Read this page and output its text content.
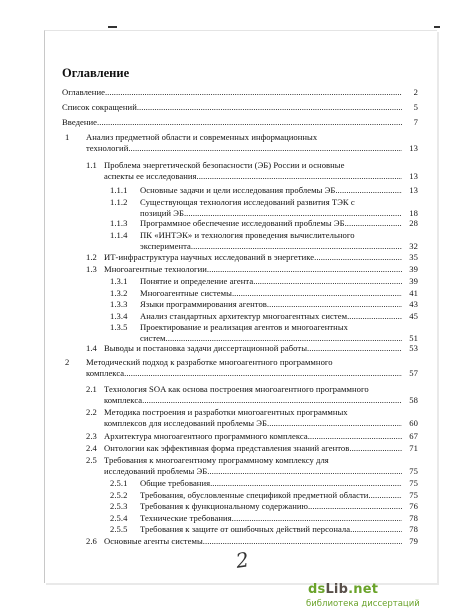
Оглавление
Оглавление .....	2
Список сокращений .....	5
Введение .....	7
1 Анализ предметной области и современных информационных
технологий .....	13
1.1 Проблема энергетической безопасности (ЭБ) России и основные
аспекты ее исследования .....	13
1.1.1 Основные задачи и цели исследования проблемы ЭБ .....	13
1.1.2 Существующая технология исследований развития ТЭК с
позиций ЭБ .....	18
1.1.3 Программное обеспечение исследований проблемы ЭБ .....	28
1.1.4 ПК «ИНТЭК» и технология проведения вычислительного
эксперимента .....	32
1.2 ИТ-инфраструктура научных исследований в энергетике .....	35
1.3 Многоагентные технологии .....	39
1.3.1 Понятие и определение агента .....	39
1.3.2 Многоагентные системы .....	41
1.3.3 Языки программирования агентов .....	43
1.3.4 Анализ стандартных архитектур многоагентных систем .....	45
1.3.5 Проектирование и реализация агентов и многоагентных
систем .....	51
1.4 Выводы и постановка задачи диссертационной работы .....	53
2 Методический подход к разработке многоагентного программного
комплекса .....	57
2.1 Технология SOA как основа построения многоагентного программного
комплекса .....	58
2.2 Методика построения и разработки многоагентных программных
комплексов для исследований проблемы ЭБ .....	60
2.3 Архитектура многоагентного программного комплекса .....	67
2.4 Онтологии как эффективная форма представления знаний агентов .....	71
2.5 Требования к многоагентному программному комплексу для
исследований проблемы ЭБ .....	75
2.5.1 Общие требования .....	75
2.5.2 Требования, обусловленные спецификой предметной области .....	75
2.5.3 Требования к функциональному содержанию .....	76
2.5.4 Технические требования .....	78
2.5.5 Требования к защите от ошибочных действий персонала .....	78
2.6 Основные агенты системы .....	79
2
dsLib.net
библиотека диссертаций
